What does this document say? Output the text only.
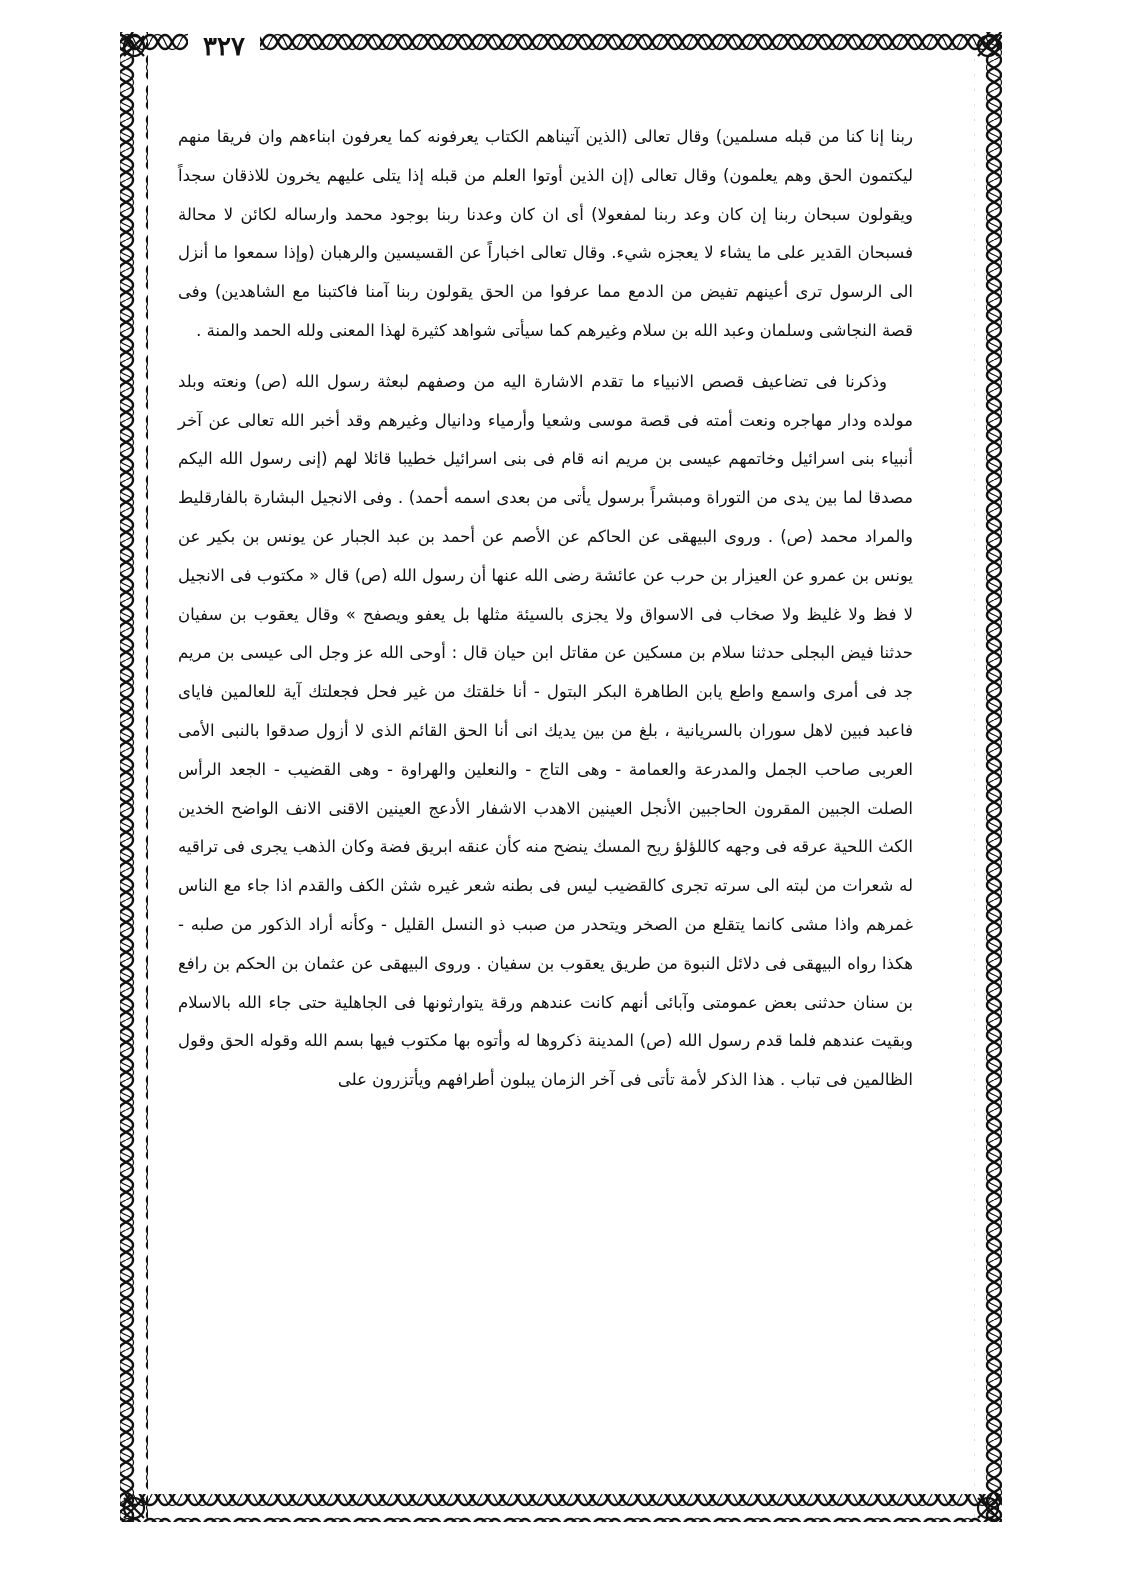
٣٢٧

ربنا إنا كنا من قبله مسلمين) وقال تعالى (الذين آتيناهم الكتاب يعرفونه كما يعرفون ابناءهم وان فريقا منهم ليكتمون الحق وهم يعلمون) وقال تعالى (إن الذين أوتوا العلم من قبله إذا يتلى عليهم يخرون للاذقان سجداً ويقولون سبحان ربنا إن كان وعد ربنا لمفعولا) أى ان كان وعدنا ربنا بوجود محمد وارساله لكائن لا محالة فسبحان القدير على ما يشاء لا يعجزه شيء. وقال تعالى اخباراً عن القسيسين والرهبان (وإذا سمعوا ما أنزل الى الرسول ترى أعينهم تفيض من الدمع مما عرفوا من الحق يقولون ربنا آمنا فاكتبنا مع الشاهدين) وفى قصة النجاشى وسلمان وعبد الله بن سلام وغيرهم كما سيأتى شواهد كثيرة لهذا المعنى ولله الحمد والمنة .

وذكرنا فى تضاعيف قصص الانبياء ما تقدم الاشارة اليه من وصفهم لبعثة رسول الله (ص) ونعته وبلد مولده ودار مهاجره ونعت أمته فى قصة موسى وشعيا وأرمياء ودانيال وغيرهم وقد أخبر الله تعالى عن آخر أنبياء بنى اسرائيل وخاتمهم عيسى بن مريم انه قام فى بنى اسرائيل خطيبا قائلا لهم (إنى رسول الله اليكم مصدقا لما بين يدى من التوراة ومبشراً برسول يأتى من بعدى اسمه أحمد) . وفى الانجيل البشارة بالفارقليط والمراد محمد (ص) . وروى البيهقى عن الحاكم عن الأصم عن أحمد بن عبد الجبار عن يونس بن بكير عن يونس بن عمرو عن العيزار بن حرب عن عائشة رضى الله عنها أن رسول الله (ص) قال « مكتوب فى الانجيل لا فظ ولا غليظ ولا صخاب فى الاسواق ولا يجزى بالسيئة مثلها بل يعفو ويصفح » وقال يعقوب بن سفيان حدثنا فيض البجلى حدثنا سلام بن مسكين عن مقاتل ابن حيان قال : أوحى الله عز وجل الى عيسى بن مريم جد فى أمرى واسمع واطع يابن الطاهرة البكر البتول - أنا خلقتك من غير فحل فجعلتك آية للعالمين فاياى فاعبد فبين لاهل سوران بالسريانية ، بلغ من بين يديك انى أنا الحق القائم الذى لا أزول صدقوا بالنبى الأمى العربى صاحب الجمل والمدرعة والعمامة - وهى التاج - والنعلين والهراوة - وهى القضيب - الجعد الرأس الصلت الجبين المقرون الحاجبين الأنجل العينين الاهدب الاشفار الأدعج العينين الاقنى الانف الواضح الخدين الكث اللحية عرقه فى وجهه كاللؤلؤ ريح المسك ينضح منه كأن عنقه ابريق فضة وكان الذهب يجرى فى تراقيه له شعرات من لبته الى سرته تجرى كالقضيب ليس فى بطنه شعر غيره شثن الكف والقدم اذا جاء مع الناس غمرهم واذا مشى كانما يتقلع من الصخر ويتحدر من صبب ذو النسل القليل - وكأنه أراد الذكور من صلبه - هكذا رواه البيهقى فى دلائل النبوة من طريق يعقوب بن سفيان . وروى البيهقى عن عثمان بن الحكم بن رافع بن سنان حدثنى بعض عمومتى وآبائى أنهم كانت عندهم ورقة يتوارثونها فى الجاهلية حتى جاء الله بالاسلام وبقيت عندهم فلما قدم رسول الله (ص) المدينة ذكروها له وأتوه بها مكتوب فيها بسم الله وقوله الحق وقول الظالمين فى تباب . هذا الذكر لأمة تأتى فى آخر الزمان يبلون أطرافهم ويأتزرون على
